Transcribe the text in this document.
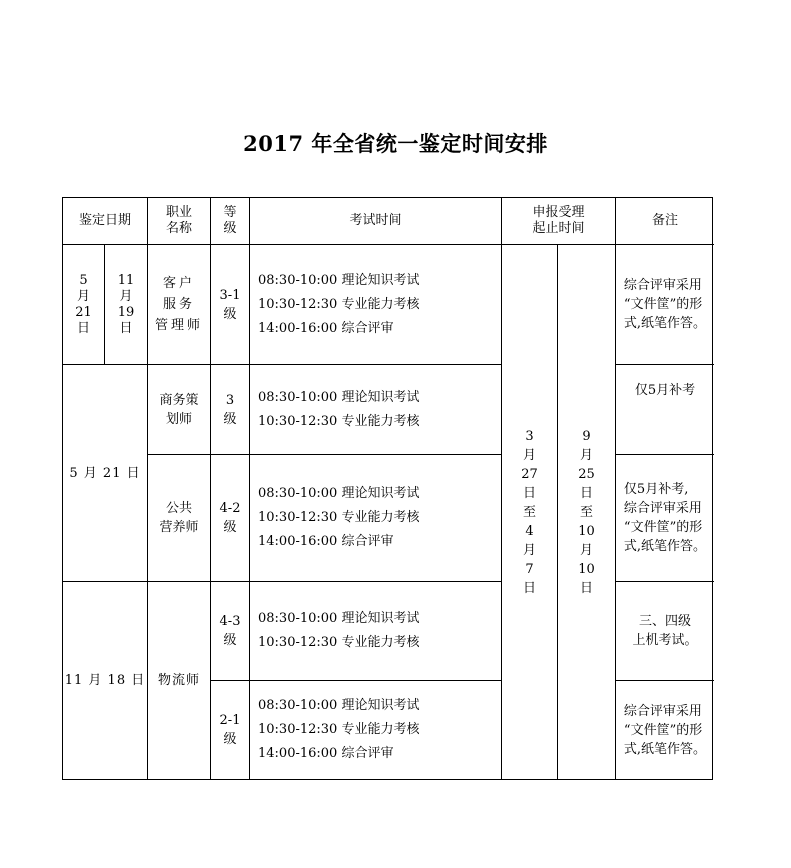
2017 年全省统一鉴定时间安排
鉴定日期
职业
名称
等
级
考试时间
申报受理
起止时间
备注
5
月
21
日
11
月
19
日
客户
服务
管理师
3-1
级
08:30-10:00 理论知识考试
10:30-12:30 专业能力考核
14:00-16:00 综合评审
综合评审采用
“文件筐”的形
式,纸笔作答。
3
月
27
日
至
4
月
7
日
9
月
25
日
至
10
月
10
日
5 月 21 日
商务策
划师
3
级
08:30-10:00 理论知识考试
10:30-12:30 专业能力考核
仅5月补考
公共
营养师
4-2
级
08:30-10:00 理论知识考试
10:30-12:30 专业能力考核
14:00-16:00 综合评审
仅5月补考,
综合评审采用
“文件筐”的形
式,纸笔作答。
11 月 18 日 物流师
4-3
级
08:30-10:00 理论知识考试
10:30-12:30 专业能力考核
三、四级
上机考试。
2-1
级
08:30-10:00 理论知识考试
10:30-12:30 专业能力考核
14:00-16:00 综合评审
综合评审采用
“文件筐”的形
式,纸笔作答。
